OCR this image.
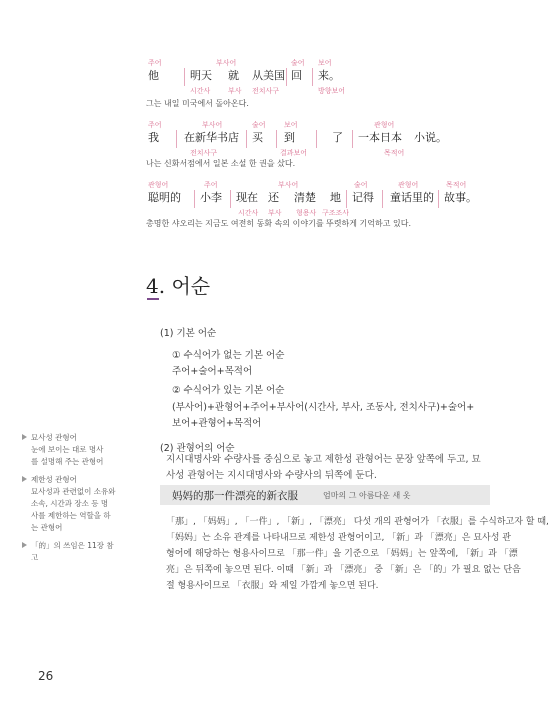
주어
他
부사어
明天
시간사
就
부사
从美国
전치사구
술어
回
보어
来。
방향보어
그는 내일 미국에서 돌아온다.
주어
我
부사어
在新华书店
전치사구
술어
买
보어
到
결과보어
了
관형어
一本日本 小说。
목적어
나는 신화서점에서 일본 소설 한 권을 샀다.
관형어
聪明的
주어
小李 现在
시간사
부사어
还
부사
清楚
형용사
地
구조조사
술어
记得
관형어
童话里的
목적어
故事。
총명한 샤오리는 지금도 여전히 동화 속의 이야기를 뚜렷하게 기억하고 있다.
4. 어순
(1) 기본 어순
① 수식어가 없는 기본 어순
주어+술어+목적어
② 수식어가 있는 기본 어순
(부사어)+관형어+주어+부사어(시간사, 부사, 조동사, 전치사구)+술어+
보어+관형어+목적어
(2) 관형어의 어순
지시대명사와 수량사를 중심으로 놓고 제한성 관형어는 문장 앞쪽에 두고, 묘
사성 관형어는 지시대명사와 수량사의 뒤쪽에 둔다.
妈妈的那一件漂亮的新衣服	엄마의 그 아름다운 새 옷
「那」, 「妈妈」, 「一件」, 「新」, 「漂亮」 다섯 개의 관형어가 「衣服」를 수식하고자 할 때,
「妈妈」는 소유 관계를 나타내므로 제한성 관형어이고, 「新」과 「漂亮」은 묘사성 관
형어에 해당하는 형용사이므로 「那一件」을 기준으로 「妈妈」는 앞쪽에, 「新」과 「漂
亮」은 뒤쪽에 놓으면 된다. 이때 「新」과 「漂亮」 중 「新」은 「的」가 필요 없는 단음
절 형용사이므로 「衣服」와 제일 가깝게 놓으면 된다.
묘사성 관형어
눈에 보이는 대로 명사
를 설명해 주는 관형어
제한성 관형어
묘사성과 관련없이 소유와
소속, 시간과 장소 등 명
사를 제한하는 역할을 하
는 관형어
「的」의 쓰임은 11장 참
고
26
